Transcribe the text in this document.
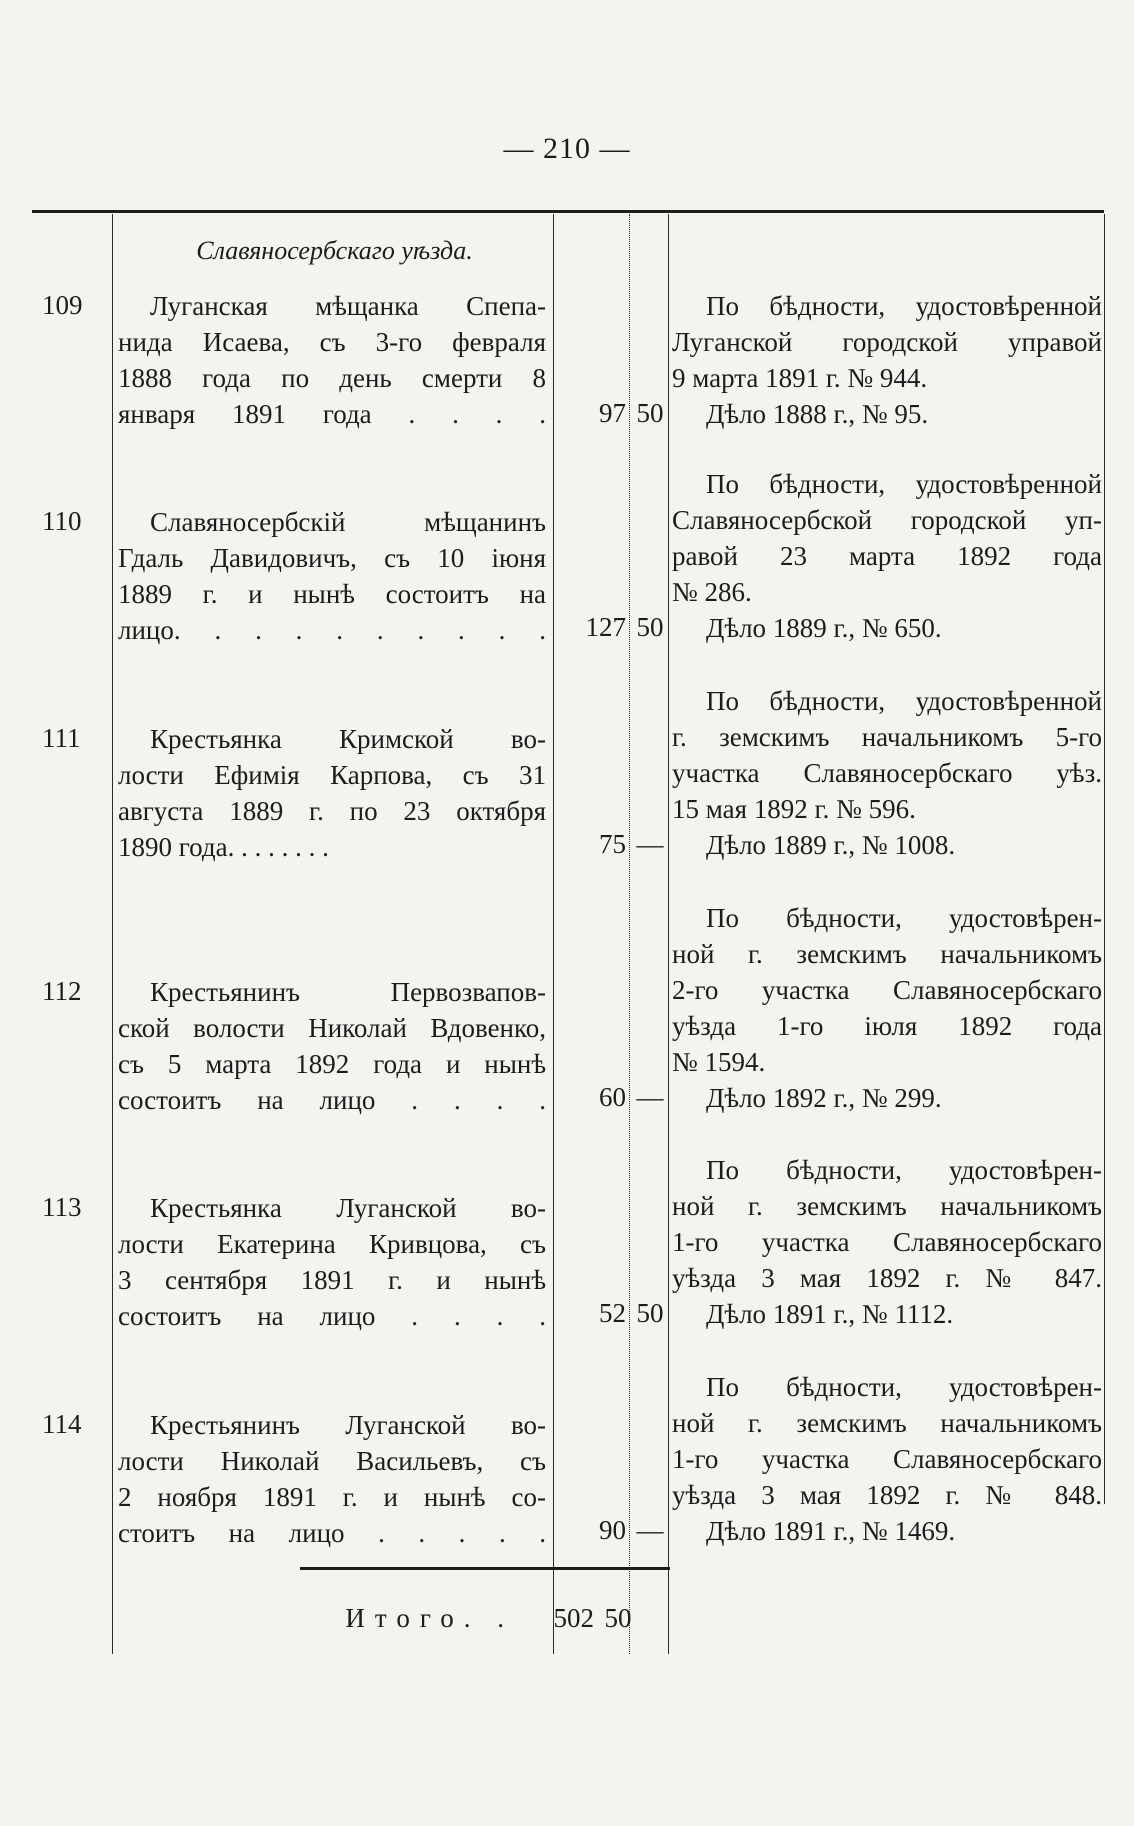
— 210 —
Славяносербскаго уѣзда.
109	Луганская мѣщанка Спепа-
нида Исаева, съ 3-го февраля
1888 года по день смерти 8
января 1891 года . . . .	97 50
По бѣдности, удостовѣренной
Луганской городской управой
9 марта 1891 г. № 944.
Дѣло 1888 г., № 95.
110	Славяносербскій мѣщанинъ
Гдаль Давидовичъ, съ 10 іюня
1889 г. и нынѣ состоитъ на
лицо. . . . . . . . . .	127 50
По бѣдности, удостовѣренной
Славяносербской городской уп-
равой 23 марта 1892 года
№ 286.
Дѣло 1889 г., № 650.
111	Крестьянка Кримской во-
лости Ефимія Карпова, съ 31
августа 1889 г. по 23 октября
1890 года. . . . . . . .	75 —
По бѣдности, удостовѣренной
г. земскимъ начальникомъ 5-го
участка Славяносербскаго уѣз.
15 мая 1892 г. № 596.
Дѣло 1889 г., № 1008.
112	Крестьянинъ Первозвапов-
ской волости Николай Вдовенко,
съ 5 марта 1892 года и нынѣ
состоитъ на лицо . . . .	60 —
По бѣдности, удостовѣрен-
ной г. земскимъ начальникомъ
2-го участка Славяносербскаго
уѣзда 1-го іюля 1892 года
№ 1594.
Дѣло 1892 г., № 299.
113	Крестьянка Луганской во-
лости Екатерина Кривцова, съ
3 сентября 1891 г. и нынѣ
состоитъ на лицо . . . .	52 50
По бѣдности, удостовѣрен-
ной г. земскимъ начальникомъ
1-го участка Славяносербскаго
уѣзда 3 мая 1892 г. № 847.
Дѣло 1891 г., № 1112.
114	Крестьянинъ Луганской во-
лости Николай Васильевъ, съ
2 ноября 1891 г. и нынѣ со-
стоитъ на лицо . . . . .	90 —
По бѣдности, удостовѣрен-
ной г. земскимъ начальникомъ
1-го участка Славяносербскаго
уѣзда 3 мая 1892 г. № 848.
Дѣло 1891 г., № 1469.
Итого. .	502 50
